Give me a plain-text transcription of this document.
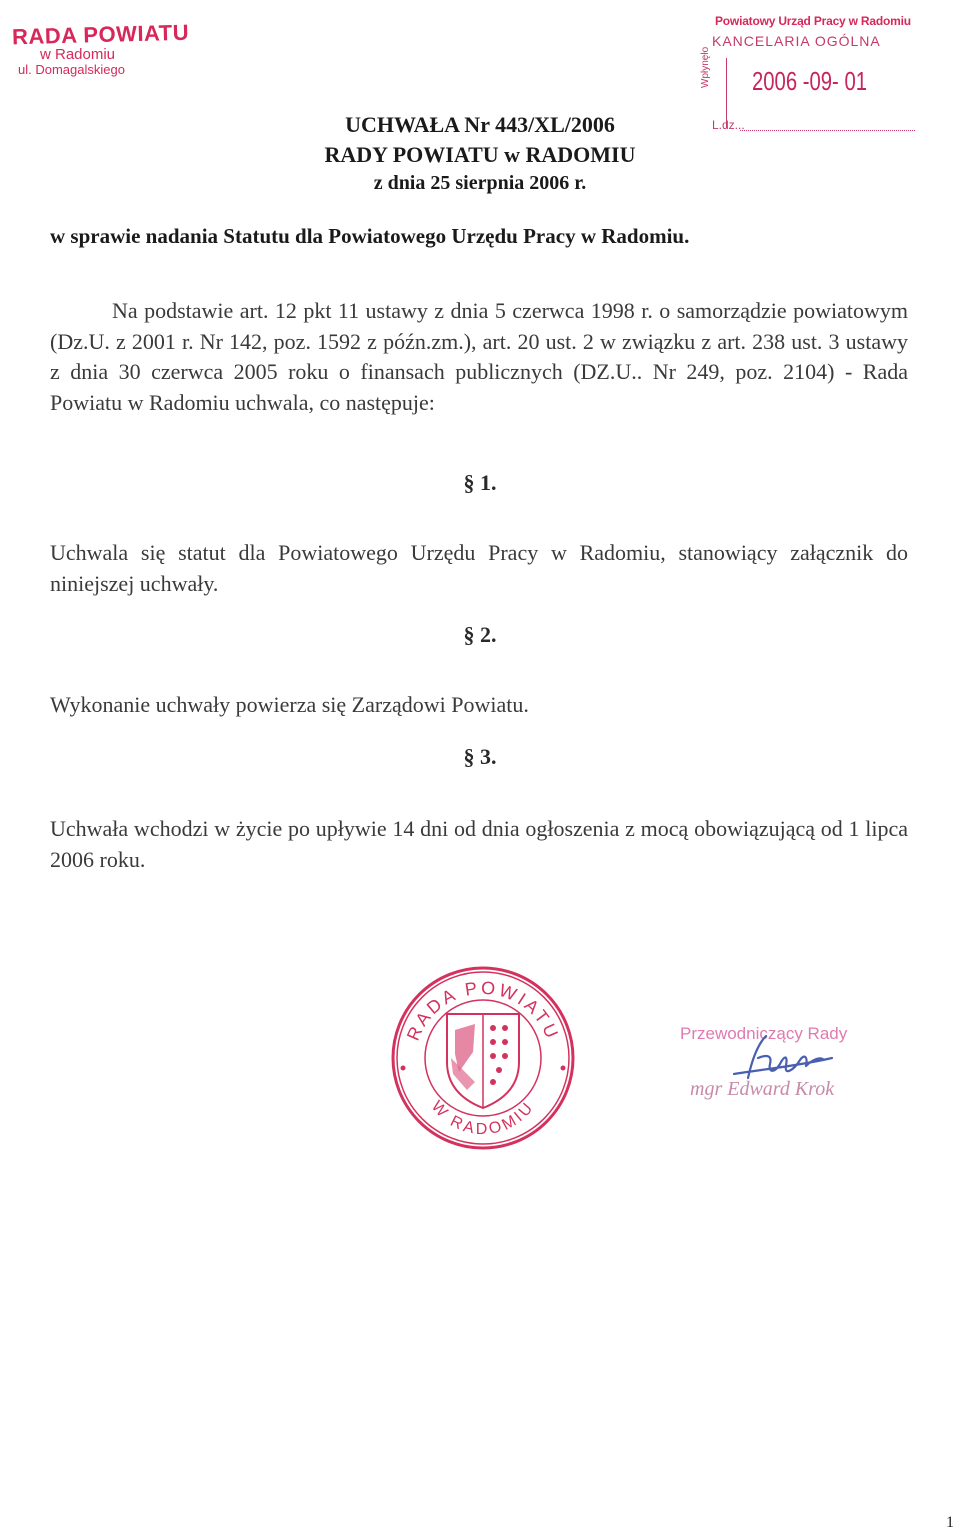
RADA POWIATU
w Radomiu
ul. Domagalskiego
Powiatowy Urząd Pracy w Radomiu
KANCELARIA OGÓLNA
Wpłynęło 2006 -09- 01
L.dz...
UCHWAŁA Nr 443/XL/2006
RADY POWIATU w RADOMIU
z dnia 25 sierpnia 2006 r.
w sprawie nadania Statutu dla Powiatowego Urzędu Pracy w Radomiu.
Na podstawie art. 12 pkt 11 ustawy z dnia 5 czerwca 1998 r. o samorządzie powiatowym (Dz.U. z 2001 r. Nr 142, poz. 1592 z późn.zm.), art. 20 ust. 2 w związku z art. 238 ust. 3 ustawy z dnia 30 czerwca 2005 roku o finansach publicznych (DZ.U.. Nr 249, poz. 2104) - Rada Powiatu w Radomiu uchwala, co następuje:
§ 1.
Uchwala się statut dla Powiatowego Urzędu Pracy w Radomiu, stanowiący załącznik do niniejszej uchwały.
§ 2.
Wykonanie uchwały powierza się Zarządowi Powiatu.
§ 3.
Uchwała wchodzi w życie po upływie 14 dni od dnia ogłoszenia z mocą obowiązującą od 1 lipca 2006 roku.
RADA POWIATU
W RADOMIU
Przewodniczący Rady
mgr Edward Krok
1
